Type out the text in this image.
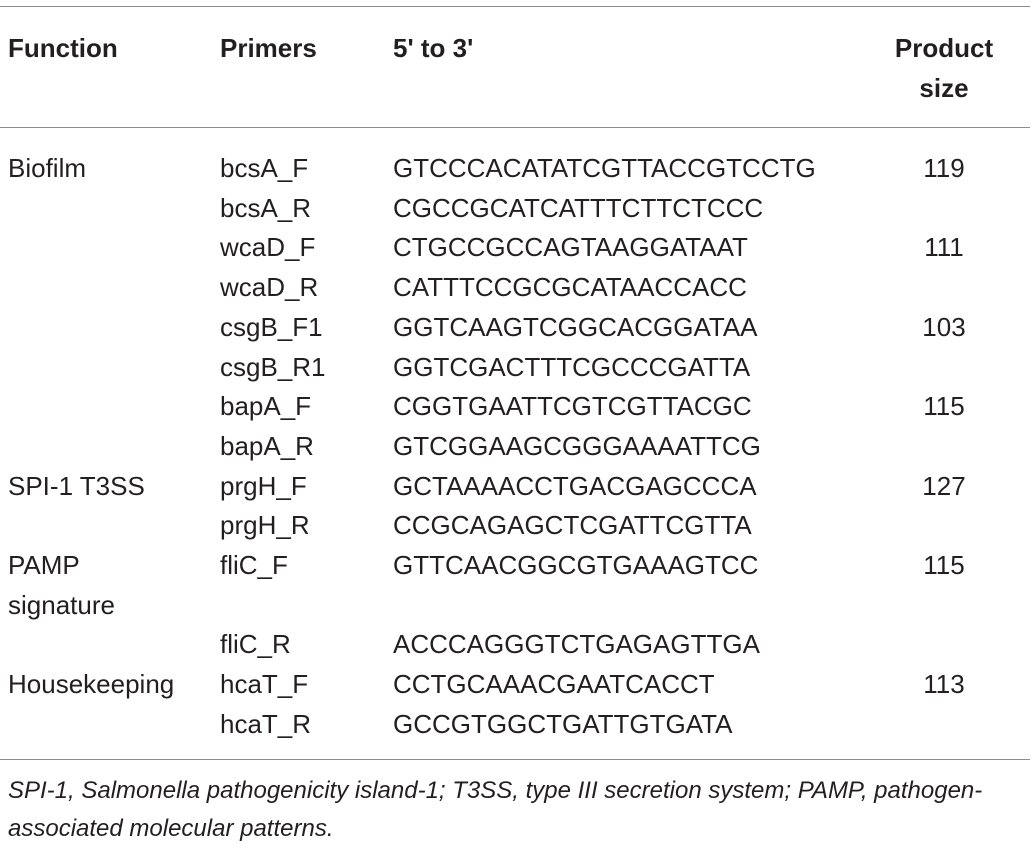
Function	Primers	5' to 3'	Product
size
Biofilm	bcsA_F	GTCCCACATATCGTTACCGTCCTG	119
bcsA_R	CGCCGCATCATTTCTTCTCCC
wcaD_F	CTGCCGCCAGTAAGGATAAT	111
wcaD_R	CATTTCCGCGCATAACCACC
csgB_F1	GGTCAAGTCGGCACGGATAA	103
csgB_R1	GGTCGACTTTCGCCCGATTA
bapA_F	CGGTGAATTCGTCGTTACGC	115
bapA_R	GTCGGAAGCGGGAAAATTCG
SPI-1 T3SS	prgH_F	GCTAAAACCTGACGAGCCCA	127
prgH_R	CCGCAGAGCTCGATTCGTTA
PAMP	fliC_F	GTTCAACGGCGTGAAAGTCC	115
signature
fliC_R	ACCCAGGGTCTGAGAGTTGA
Housekeeping hcaT_F	CCTGCAAACGAATCACCT	113
hcaT_R	GCCGTGGCTGATTGTGATA
SPI-1, Salmonella pathogenicity island-1; T3SS, type III secretion system; PAMP, pathogen-associated molecular patterns.
